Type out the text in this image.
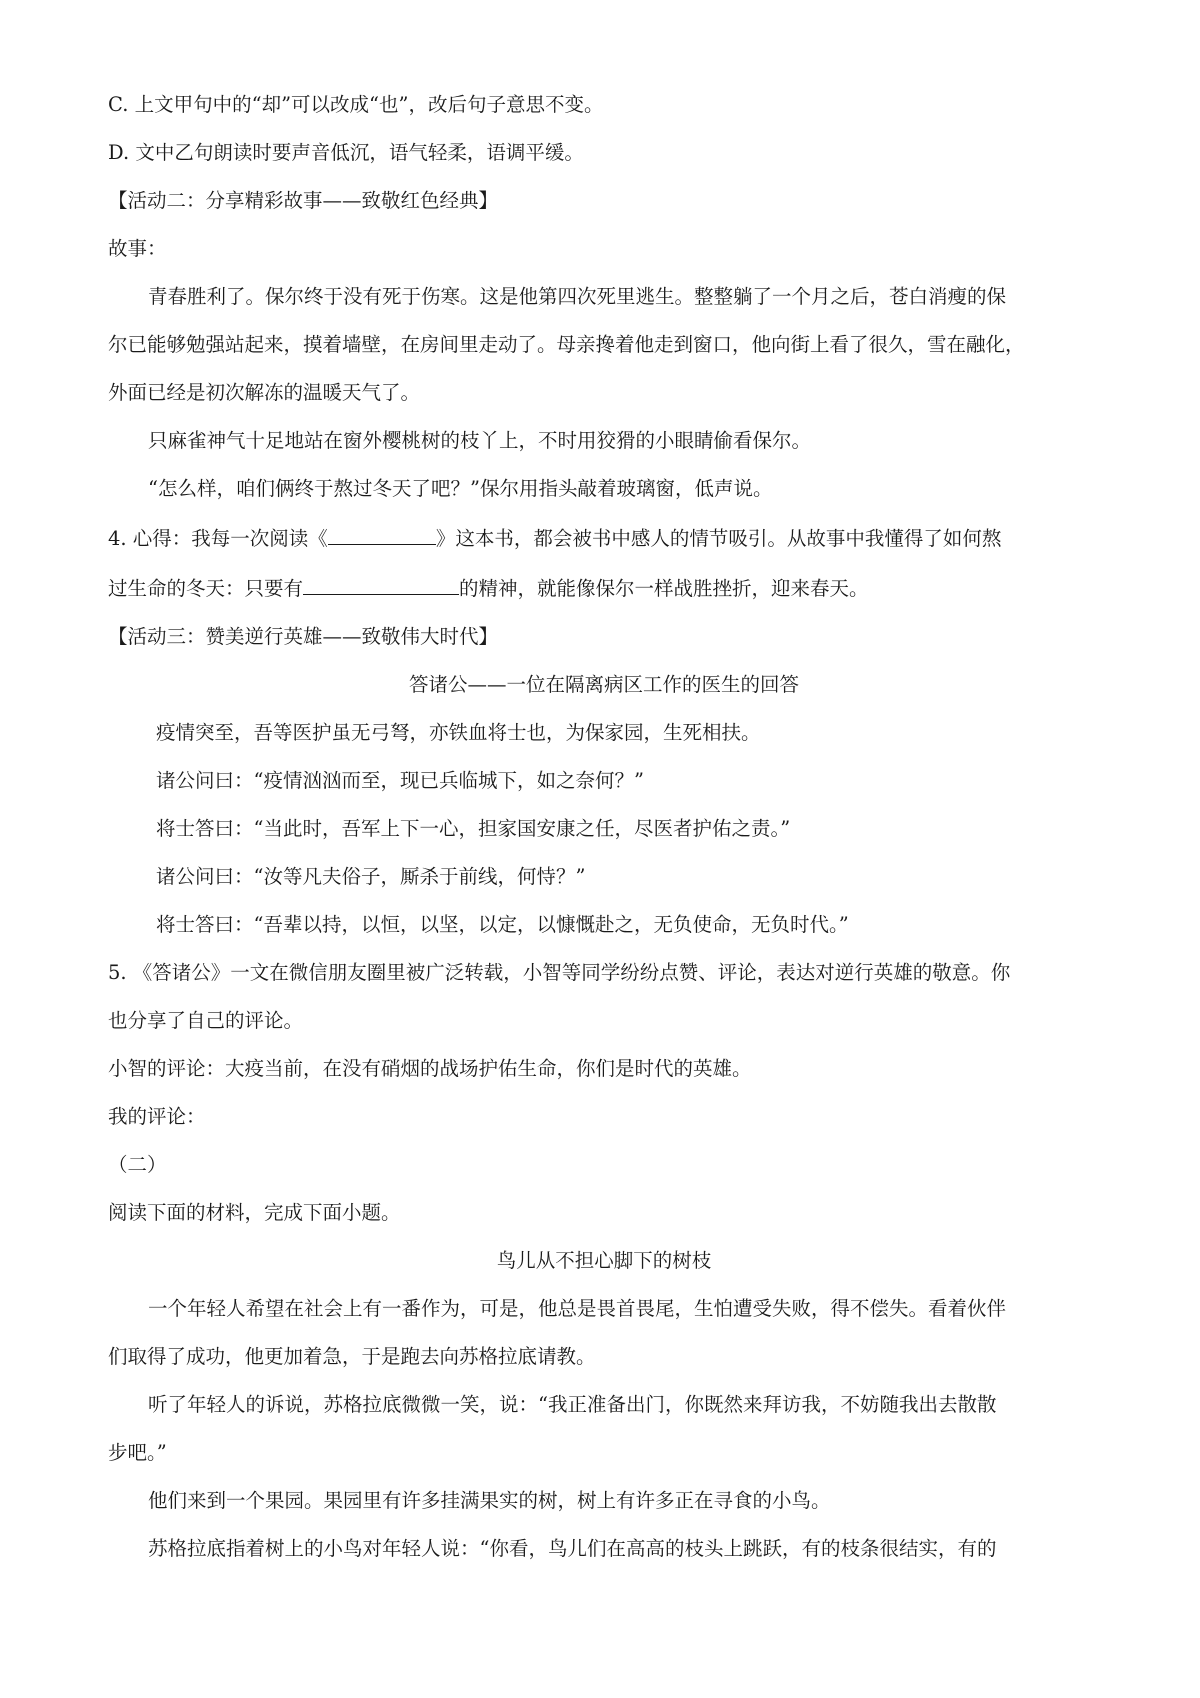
C. 上文甲句中的“却”可以改成“也”，改后句子意思不变。

D. 文中乙句朗读时要声音低沉，语气轻柔，语调平缓。

【活动二：分享精彩故事——致敬红色经典】

故事：

青春胜利了。保尔终于没有死于伤寒。这是他第四次死里逃生。整整躺了一个月之后，苍白消瘦的保

尔已能够勉强站起来，摸着墙壁，在房间里走动了。母亲搀着他走到窗口，他向街上看了很久，雪在融化，

外面已经是初次解冻的温暖天气了。

只麻雀神气十足地站在窗外樱桃树的枝丫上，不时用狡猾的小眼睛偷看保尔。

“怎么样，咱们俩终于熬过冬天了吧？”保尔用指头敲着玻璃窗，低声说。

4. 心得：我每一次阅读《	》这本书，都会被书中感人的情节吸引。从故事中我懂得了如何熬

过生命的冬天：只要有	的精神，就能像保尔一样战胜挫折，迎来春天。

【活动三：赞美逆行英雄——致敬伟大时代】

答诸公——一位在隔离病区工作的医生的回答

疫情突至，吾等医护虽无弓弩，亦铁血将士也，为保家园，生死相扶。

诸公问曰：“疫情汹汹而至，现已兵临城下，如之奈何？”

将士答曰：“当此时，吾军上下一心，担家国安康之任，尽医者护佑之责。”

诸公问曰：“汝等凡夫俗子，厮杀于前线，何恃？”

将士答曰：“吾辈以持，以恒，以坚，以定，以慷慨赴之，无负使命，无负时代。”

5. 《答诸公》一文在微信朋友圈里被广泛转载，小智等同学纷纷点赞、评论，表达对逆行英雄的敬意。你

也分享了自己的评论。

小智的评论：大疫当前，在没有硝烟的战场护佑生命，你们是时代的英雄。

我的评论：

（二）

阅读下面的材料，完成下面小题。

鸟儿从不担心脚下的树枝

一个年轻人希望在社会上有一番作为，可是，他总是畏首畏尾，生怕遭受失败，得不偿失。看着伙伴

们取得了成功，他更加着急，于是跑去向苏格拉底请教。

听了年轻人的诉说，苏格拉底微微一笑，说：“我正准备出门，你既然来拜访我，不妨随我出去散散

步吧。”

他们来到一个果园。果园里有许多挂满果实的树，树上有许多正在寻食的小鸟。

苏格拉底指着树上的小鸟对年轻人说：“你看，鸟儿们在高高的枝头上跳跃，有的枝条很结实，有的
